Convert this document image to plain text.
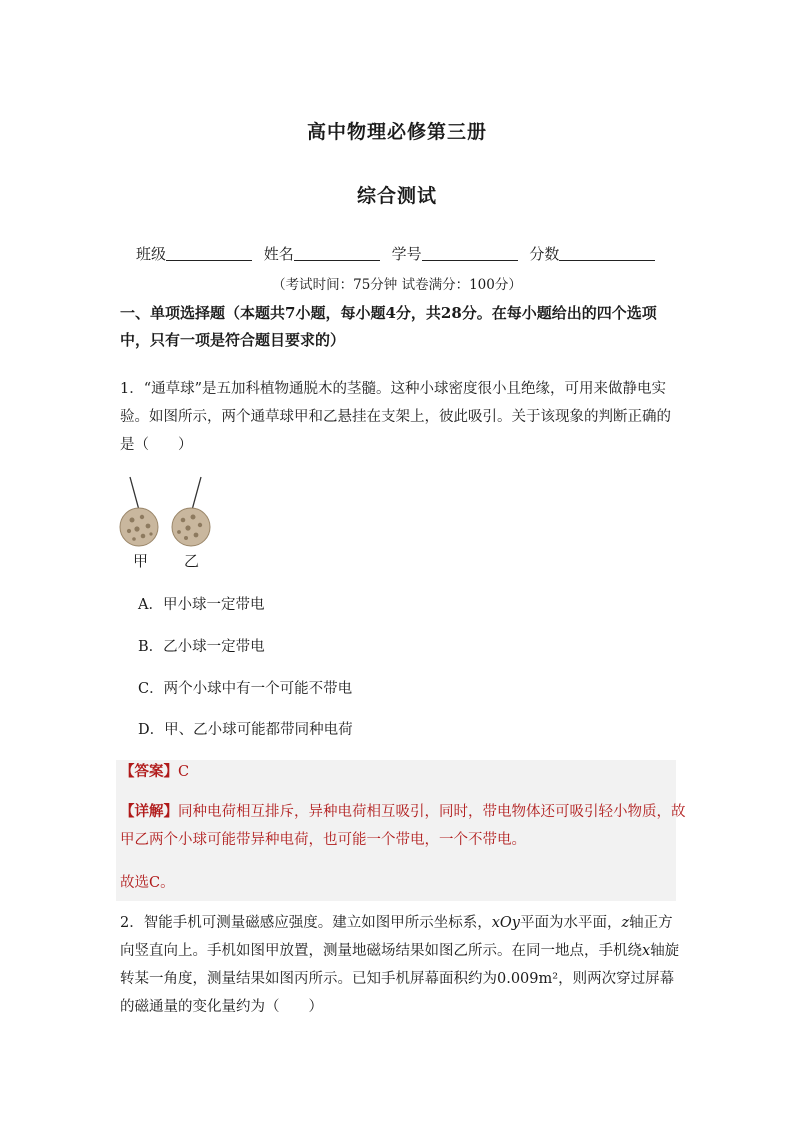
高中物理必修第三册
综合测试
班级	姓名	学号	分数
（考试时间：75分钟 试卷满分：100分）
一、单项选择题（本题共7小题，每小题4分，共28分。在每小题给出的四个选项中，只有一项是符合题目要求的）
1．“通草球”是五加科植物通脱木的茎髓。这种小球密度很小且绝缘，可用来做静电实验。如图所示，两个通草球甲和乙悬挂在支架上，彼此吸引。关于该现象的判断正确的是（　　）
甲 乙
A．甲小球一定带电
B．乙小球一定带电
C．两个小球中有一个可能不带电
D．甲、乙小球可能都带同种电荷
【答案】C
【详解】同种电荷相互排斥，异种电荷相互吸引，同时，带电物体还可吸引轻小物质，故甲乙两个小球可能带异种电荷，也可能一个带电，一个不带电。
故选C。
2．智能手机可测量磁感应强度。建立如图甲所示坐标系，xOy平面为水平面，z轴正方向竖直向上。手机如图甲放置，测量地磁场结果如图乙所示。在同一地点，手机绕x轴旋转某一角度，测量结果如图丙所示。已知手机屏幕面积约为0.009m²，则两次穿过屏幕的磁通量的变化量约为（　　）
